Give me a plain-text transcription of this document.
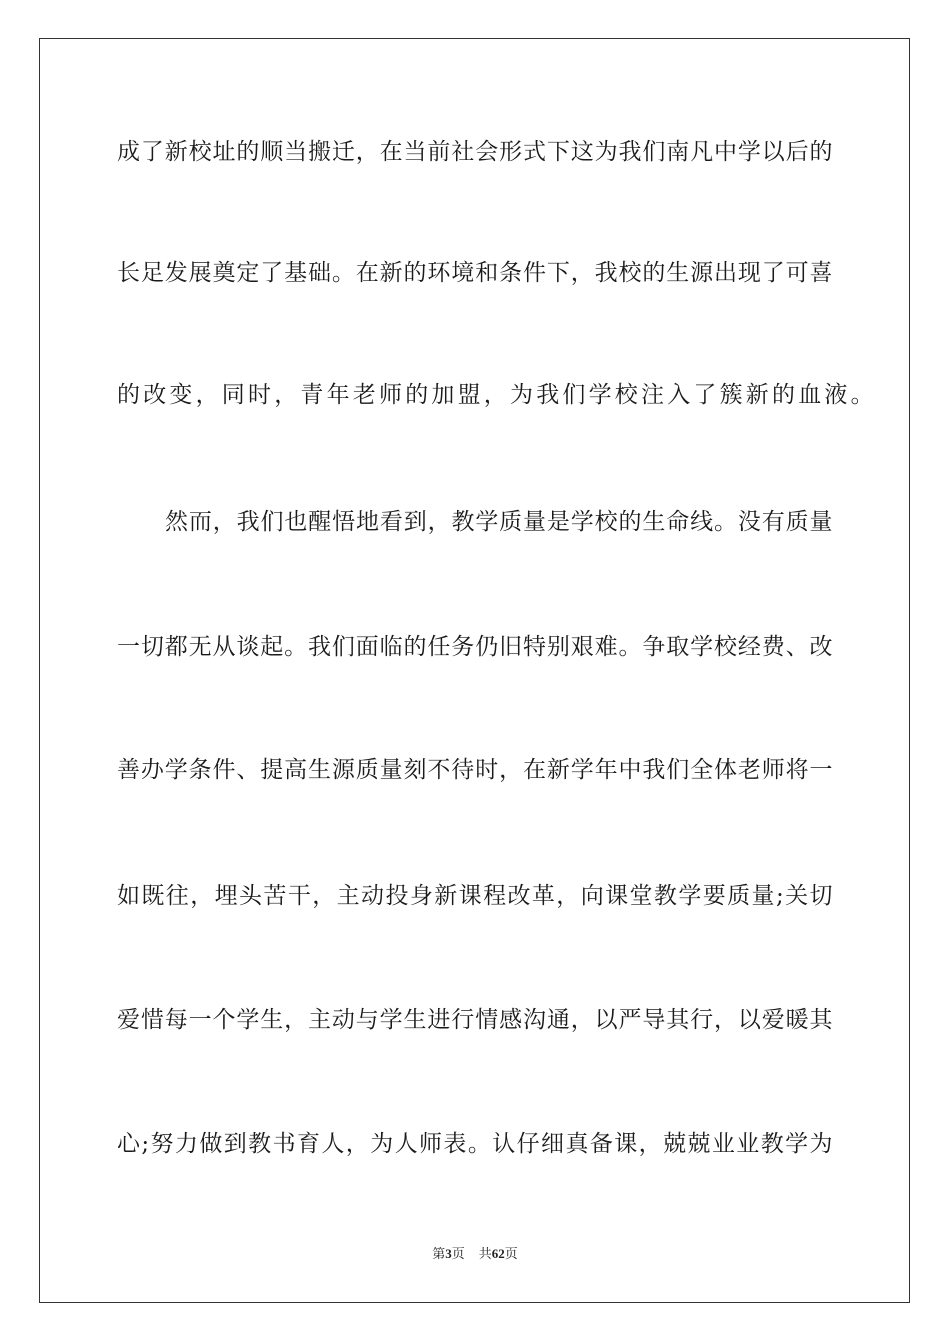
成了新校址的顺当搬迁，在当前社会形式下这为我们南凡中学以后的
长足发展奠定了基础。在新的环境和条件下，我校的生源出现了可喜
的改变，同时，青年老师的加盟，为我们学校注入了簇新的血液。
然而，我们也醒悟地看到，教学质量是学校的生命线。没有质量
一切都无从谈起。我们面临的任务仍旧特别艰难。争取学校经费、改
善办学条件、提高生源质量刻不待时，在新学年中我们全体老师将一
如既往，埋头苦干，主动投身新课程改革，向课堂教学要质量;关切
爱惜每一个学生，主动与学生进行情感沟通，以严导其行，以爱暖其
心;努力做到教书育人，为人师表。认仔细真备课，兢兢业业教学为
第3页 共62页
